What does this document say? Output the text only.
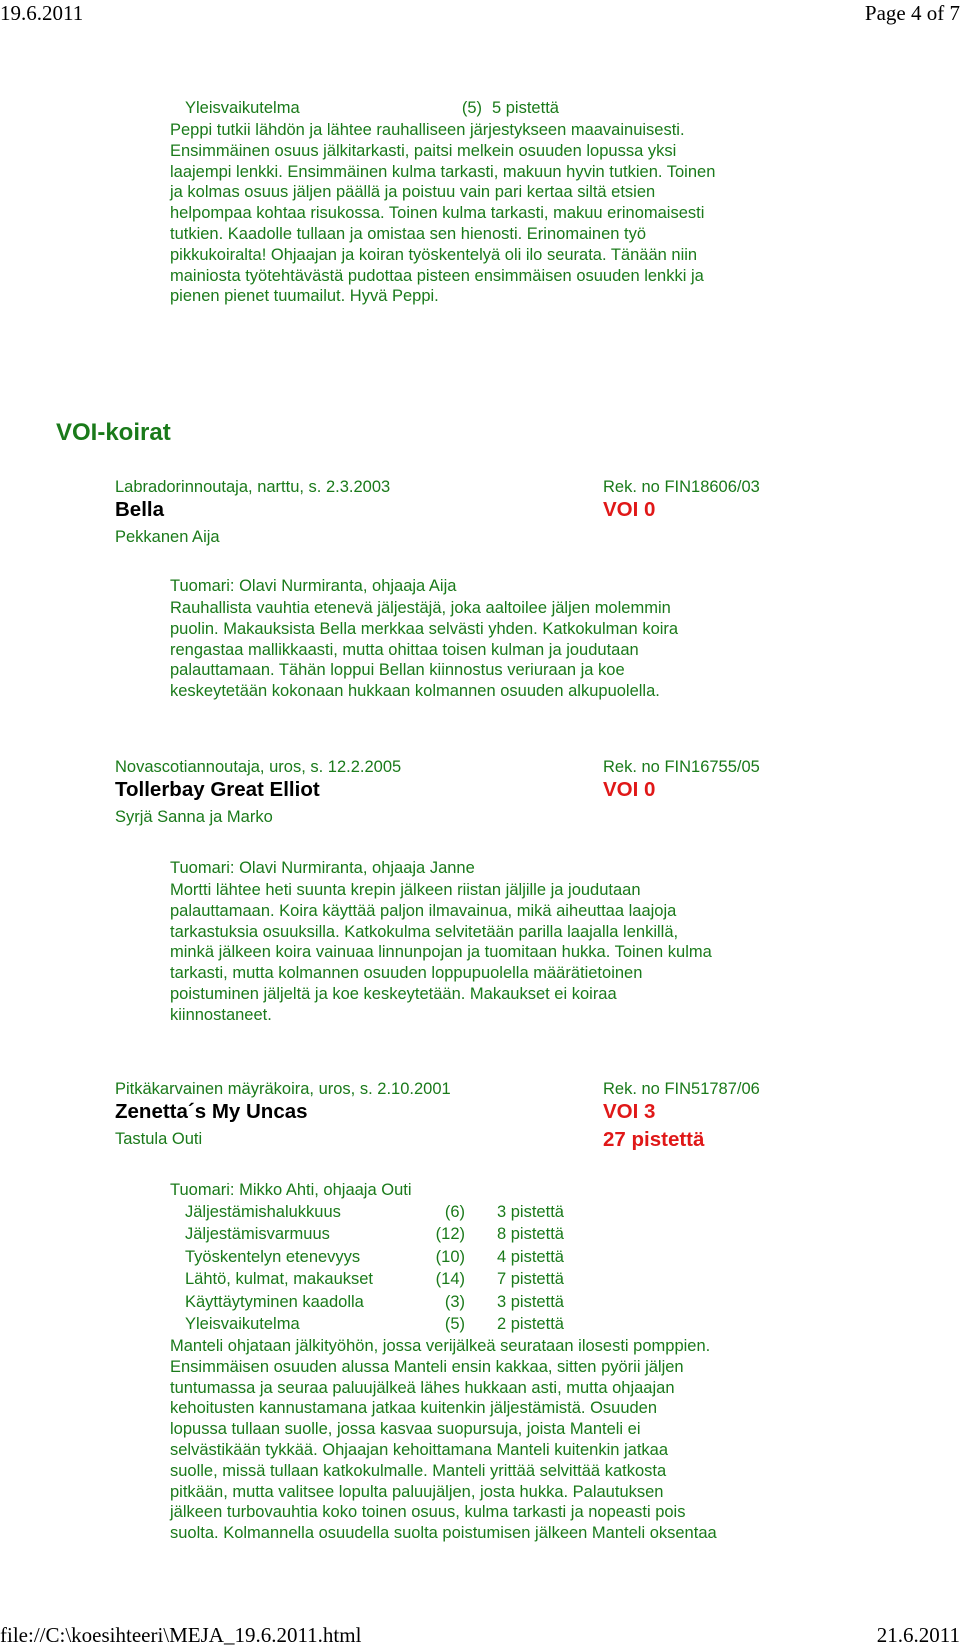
19.6.2011	Page 4 of 7
Yleisvaikutelma	(5) 5 pistettä
Peppi tutkii lähdön ja lähtee rauhalliseen järjestykseen maavainuisesti.
Ensimmäinen osuus jälkitarkasti, paitsi melkein osuuden lopussa yksi
laajempi lenkki. Ensimmäinen kulma tarkasti, makuun hyvin tutkien. Toinen
ja kolmas osuus jäljen päällä ja poistuu vain pari kertaa siltä etsien
helpompaa kohtaa risukossa. Toinen kulma tarkasti, makuu erinomaisesti
tutkien. Kaadolle tullaan ja omistaa sen hienosti. Erinomainen työ
pikkukoiralta! Ohjaajan ja koiran työskentelyä oli ilo seurata. Tänään niin
mainiosta työtehtävästä pudottaa pisteen ensimmäisen osuuden lenkki ja
pienen pienet tuumailut. Hyvä Peppi.
VOI-koirat
Labradorinnoutaja, narttu, s. 2.3.2003	Rek. no FIN18606/03
Bella	VOI 0
Pekkanen Aija
Tuomari: Olavi Nurmiranta, ohjaaja Aija
Rauhallista vauhtia etenevä jäljestäjä, joka aaltoilee jäljen molemmin
puolin. Makauksista Bella merkkaa selvästi yhden. Katkokulman koira
rengastaa mallikkaasti, mutta ohittaa toisen kulman ja joudutaan
palauttamaan. Tähän loppui Bellan kiinnostus veriuraan ja koe
keskeytetään kokonaan hukkaan kolmannen osuuden alkupuolella.
Novascotiannoutaja, uros, s. 12.2.2005	Rek. no FIN16755/05
Tollerbay Great Elliot	VOI 0
Syrjä Sanna ja Marko
Tuomari: Olavi Nurmiranta, ohjaaja Janne
Mortti lähtee heti suunta krepin jälkeen riistan jäljille ja joudutaan
palauttamaan. Koira käyttää paljon ilmavainua, mikä aiheuttaa laajoja
tarkastuksia osuuksilla. Katkokulma selvitetään parilla laajalla lenkillä,
minkä jälkeen koira vainuaa linnunpojan ja tuomitaan hukka. Toinen kulma
tarkasti, mutta kolmannen osuuden loppupuolella määrätietoinen
poistuminen jäljeltä ja koe keskeytetään. Makaukset ei koiraa
kiinnostaneet.
Pitkäkarvainen mäyräkoira, uros, s. 2.10.2001	Rek. no FIN51787/06
Zenetta´s My Uncas	VOI 3
Tastula Outi	27 pistettä
Tuomari: Mikko Ahti, ohjaaja Outi
Jäljestämishalukkuus	(6)	3 pistettä
Jäljestämisvarmuus	(12)	8 pistettä
Työskentelyn etenevyys	(10)	4 pistettä
Lähtö, kulmat, makaukset	(14)	7 pistettä
Käyttäytyminen kaadolla	(3)	3 pistettä
Yleisvaikutelma	(5)	2 pistettä
Manteli ohjataan jälkityöhön, jossa verijälkeä seurataan ilosesti pomppien.
Ensimmäisen osuuden alussa Manteli ensin kakkaa, sitten pyörii jäljen
tuntumassa ja seuraa paluujälkeä lähes hukkaan asti, mutta ohjaajan
kehoitusten kannustamana jatkaa kuitenkin jäljestämistä. Osuuden
lopussa tullaan suolle, jossa kasvaa suopursuja, joista Manteli ei
selvästikään tykkää. Ohjaajan kehoittamana Manteli kuitenkin jatkaa
suolle, missä tullaan katkokulmalle. Manteli yrittää selvittää katkosta
pitkään, mutta valitsee lopulta paluujäljen, josta hukka. Palautuksen
jälkeen turbovauhtia koko toinen osuus, kulma tarkasti ja nopeasti pois
suolta. Kolmannella osuudella suolta poistumisen jälkeen Manteli oksentaa
file://C:\koesihteeri\MEJA_19.6.2011.html	21.6.2011
